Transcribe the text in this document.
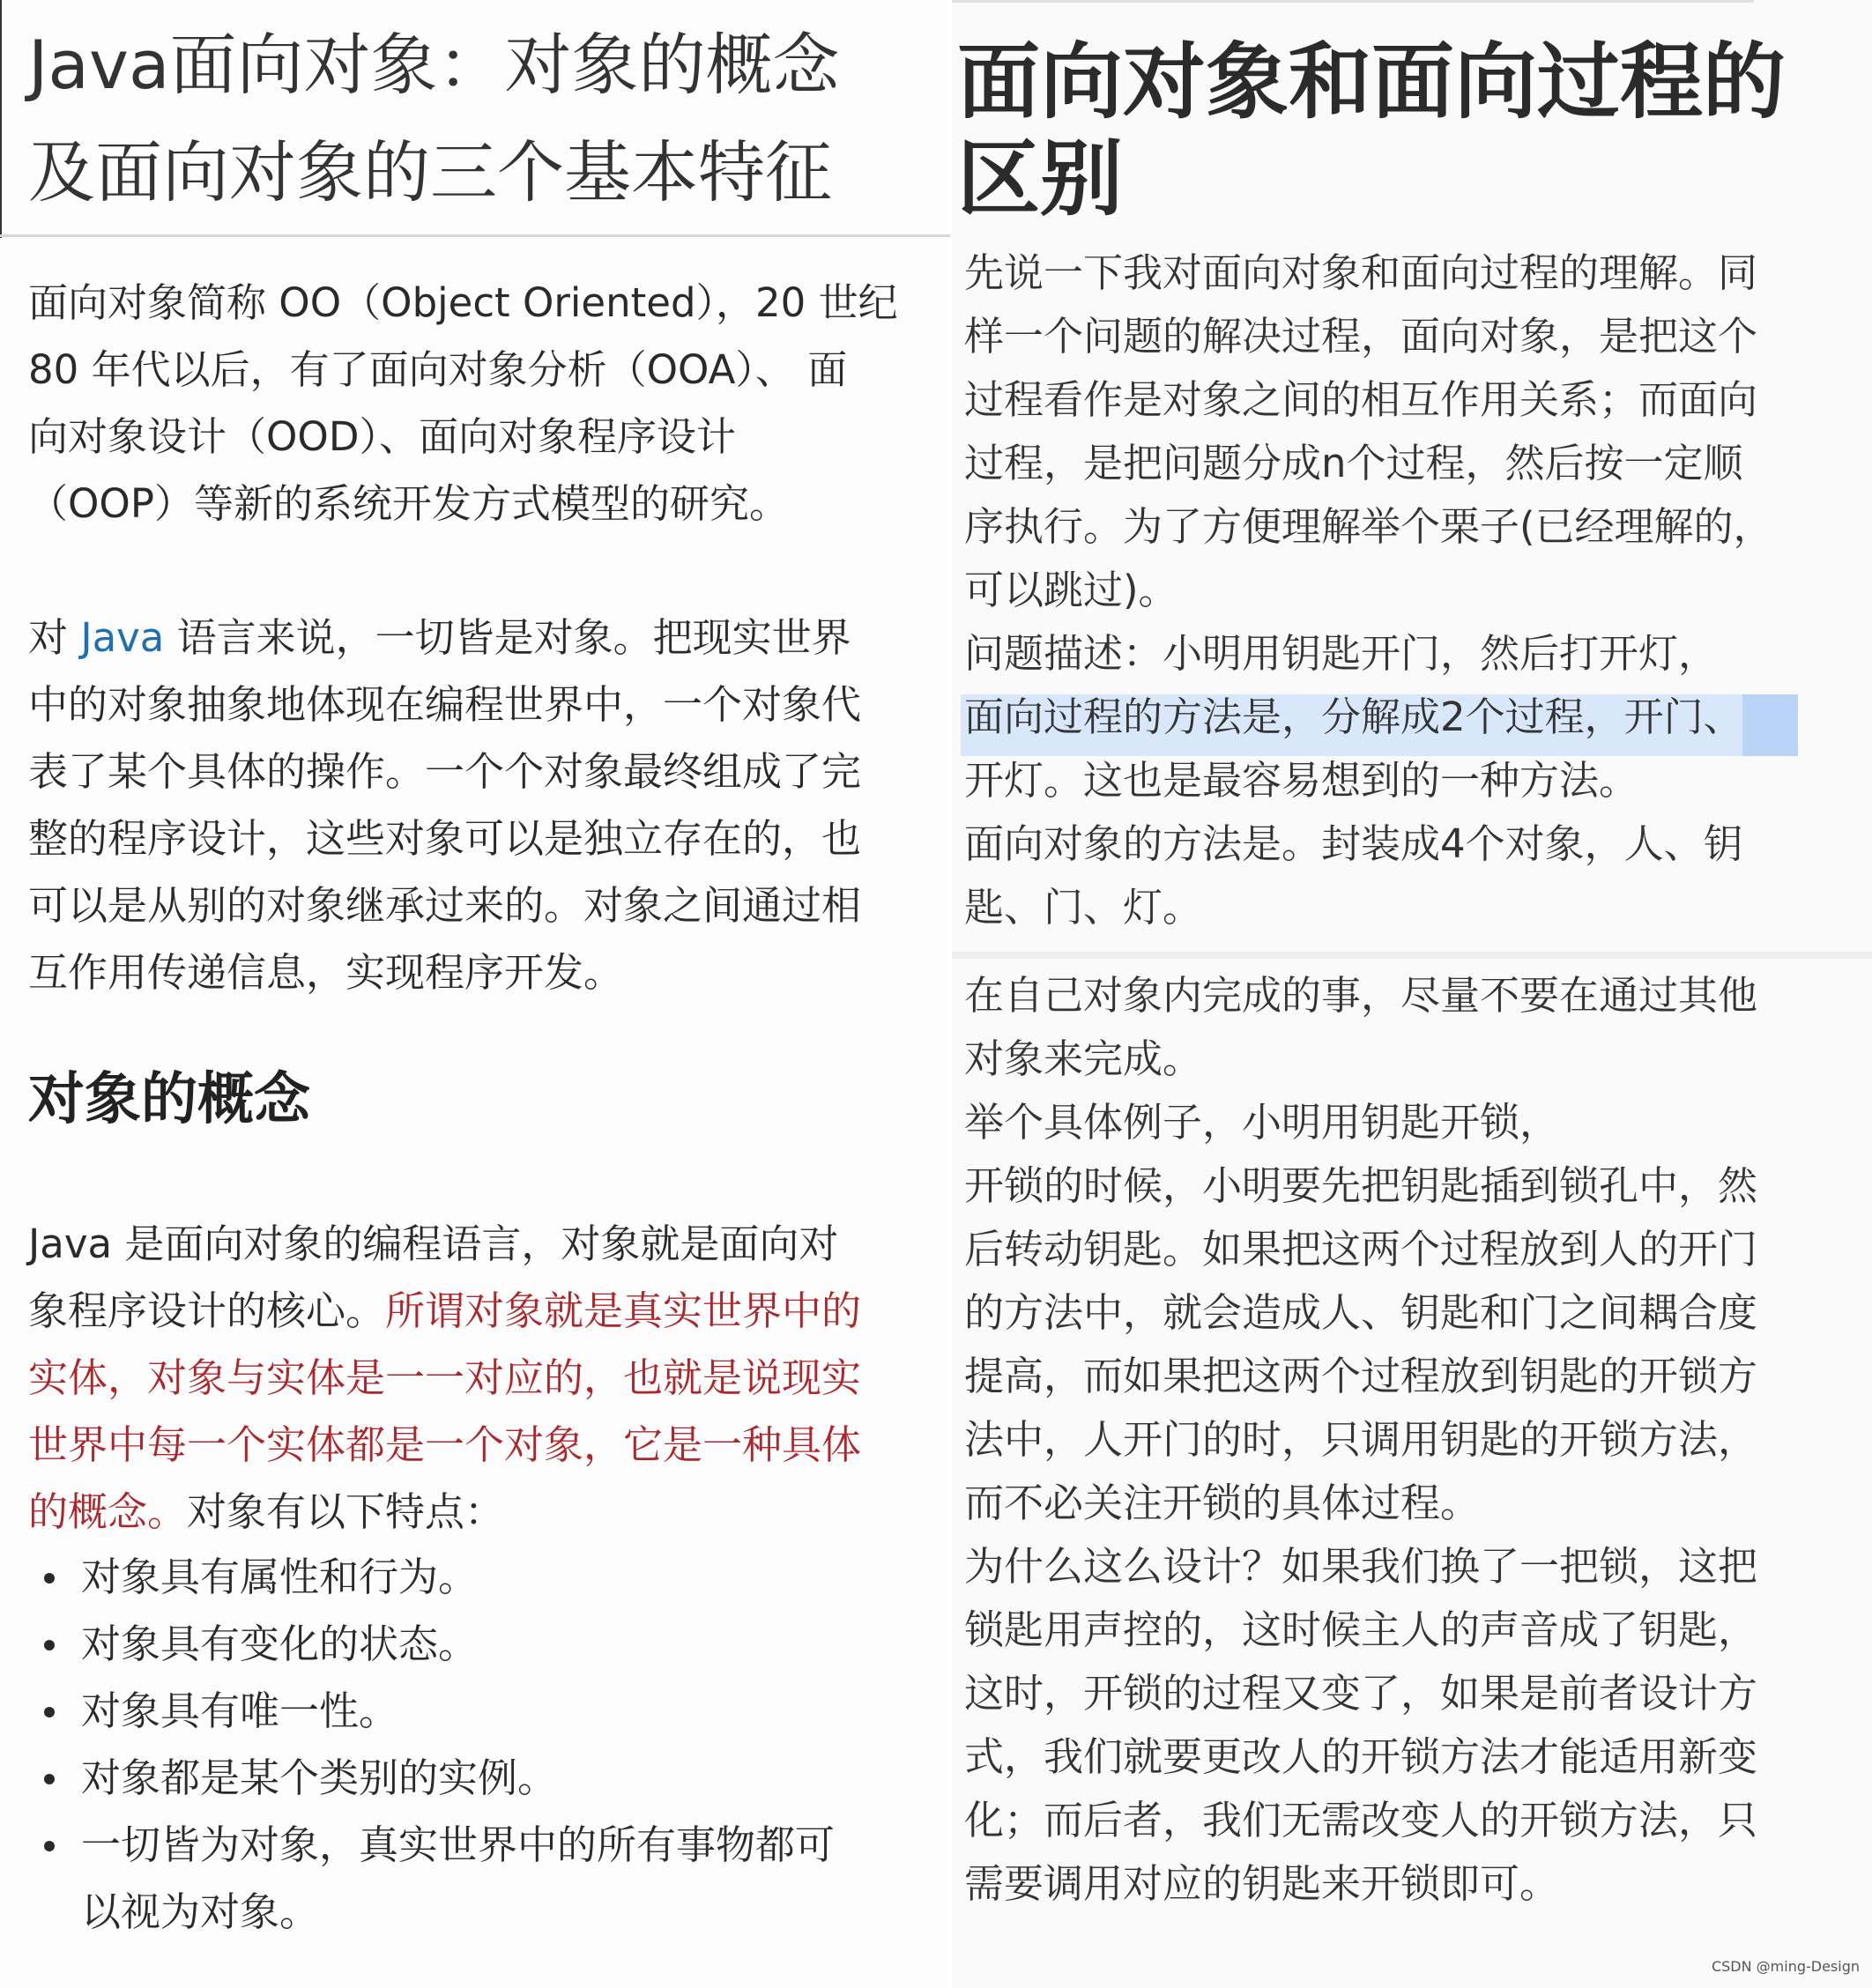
Java面向对象：对象的概念
及面向对象的三个基本特征
面向对象简称 OO（Object Oriented），20 世纪
80 年代以后，有了面向对象分析（OOA）、 面
向对象设计（OOD）、面向对象程序设计
（OOP）等新的系统开发方式模型的研究。
对 Java 语言来说，一切皆是对象。把现实世界
中的对象抽象地体现在编程世界中，一个对象代
表了某个具体的操作。一个个对象最终组成了完
整的程序设计，这些对象可以是独立存在的，也
可以是从别的对象继承过来的。对象之间通过相
互作用传递信息，实现程序开发。
对象的概念
Java 是面向对象的编程语言，对象就是面向对
象程序设计的核心。所谓对象就是真实世界中的
实体，对象与实体是一一对应的，也就是说现实
世界中每一个实体都是一个对象，它是一种具体
的概念。对象有以下特点：
对象具有属性和行为。
对象具有变化的状态。
对象具有唯一性。
对象都是某个类别的实例。
一切皆为对象，真实世界中的所有事物都可
以视为对象。
面向对象和面向过程的
区别
先说一下我对面向对象和面向过程的理解。同
样一个问题的解决过程，面向对象，是把这个
过程看作是对象之间的相互作用关系；而面向
过程，是把问题分成n个过程，然后按一定顺
序执行。为了方便理解举个栗子(已经理解的，
可以跳过)。
问题描述：小明用钥匙开门，然后打开灯，
面向过程的方法是，分解成2个过程，开门、
开灯。这也是最容易想到的一种方法。
面向对象的方法是。封装成4个对象，人、钥
匙、门、灯。
在自己对象内完成的事，尽量不要在通过其他
对象来完成。
举个具体例子，小明用钥匙开锁，
开锁的时候，小明要先把钥匙插到锁孔中，然
后转动钥匙。如果把这两个过程放到人的开门
的方法中，就会造成人、钥匙和门之间耦合度
提高，而如果把这两个过程放到钥匙的开锁方
法中，人开门的时，只调用钥匙的开锁方法，
而不必关注开锁的具体过程。
为什么这么设计？如果我们换了一把锁，这把
锁匙用声控的，这时候主人的声音成了钥匙，
这时，开锁的过程又变了，如果是前者设计方
式，我们就要更改人的开锁方法才能适用新变
化；而后者，我们无需改变人的开锁方法，只
需要调用对应的钥匙来开锁即可。
CSDN @ming-Design
